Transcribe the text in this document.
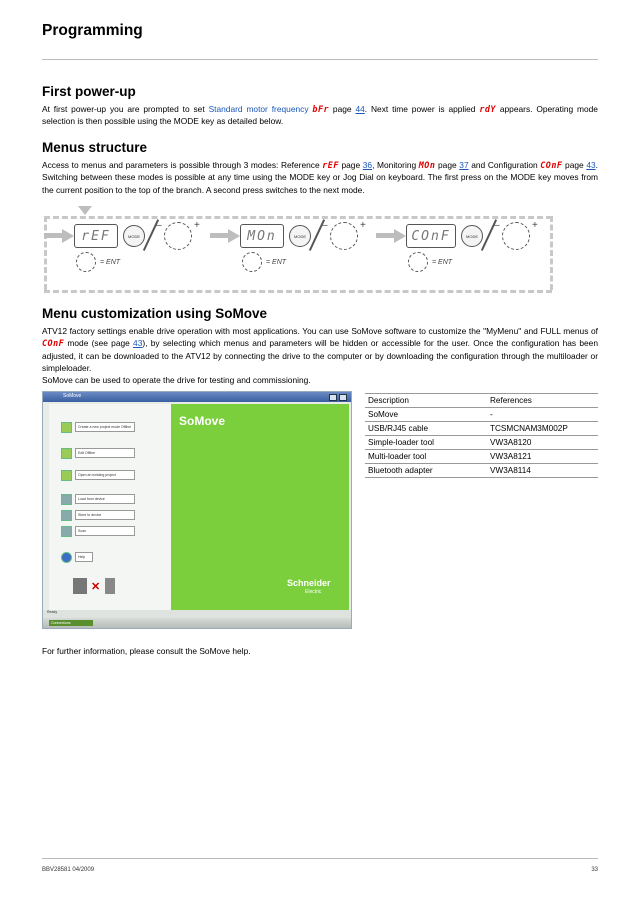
Programming
First power-up
At first power-up you are prompted to set Standard motor frequency bFr page 44. Next time power is applied rdY appears. Operating mode selection is then possible using the MODE key as detailed below.
Menus structure
Access to menus and parameters is possible through 3 modes: Reference rEF page 36, Monitoring MOn page 37 and Configuration COnF page 43. Switching between these modes is possible at any time using the MODE key or Jog Dial on keyboard. The first press on the MODE key moves from the current position to the top of the branch. A second press switches to the next mode.
rEF	MODE
–	+
= ENT
MOn	MODE
–	+
= ENT
COnF	MODE
–	+
= ENT
Menu customization using SoMove
ATV12 factory settings enable drive operation with most applications. You can use SoMove software to customize the "MyMenu" and FULL menus of COnF mode (see page 43), by selecting which menus and parameters will be hidden or accessible for the user. Once the configuration has been adjusted, it can be downloaded to the ATV12 by connecting the drive to the computer or by downloading the configuration through the multiloader or simpleloader.
SoMove can be used to operate the drive for testing and commissioning.
SoMove
SoMove
Schneider
Electric
Create a new project mode Offline
Edit Offline
Open an existing project
Load from device
Store to device
Scan
Help
✕
Ready
Connections
Description	References
SoMove	-
USB/RJ45 cable	TCSMCNAM3M002P
Simple-loader tool	VW3A8120
Multi-loader tool	VW3A8121
Bluetooth adapter	VW3A8114
For further information, please consult the SoMove help.
BBV28581 04/2009	33
